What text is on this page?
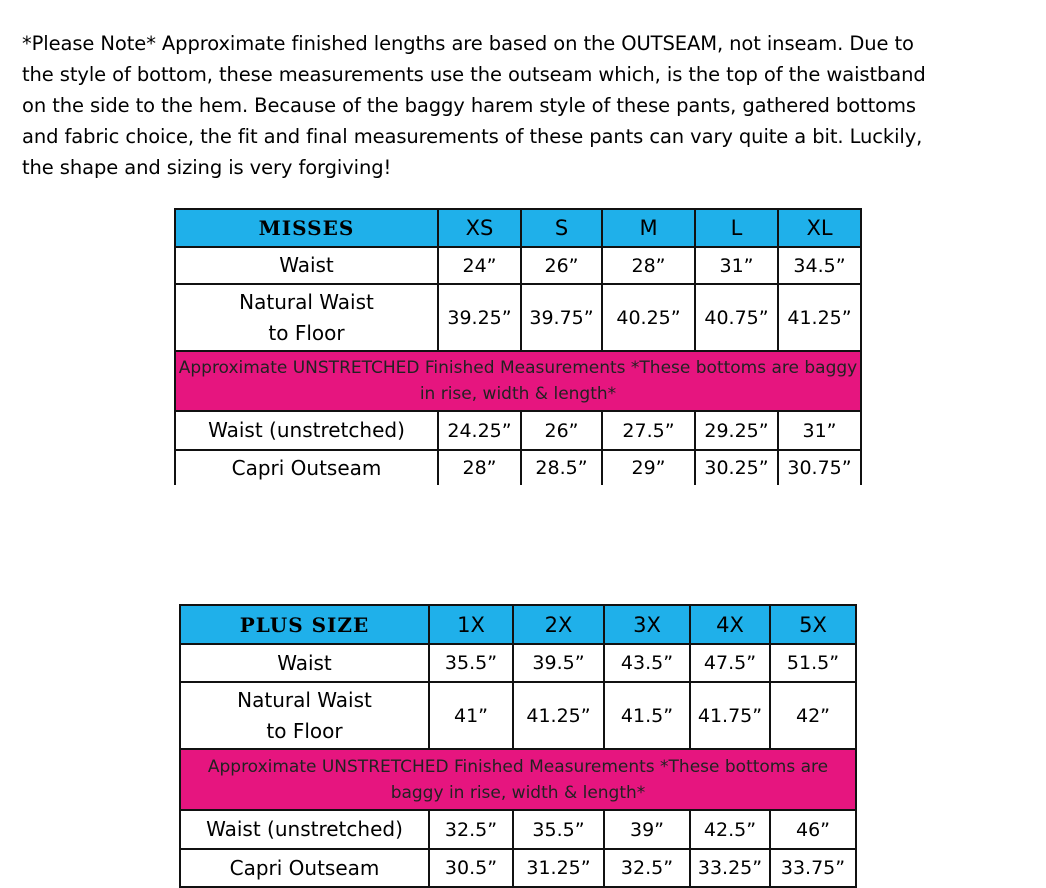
*Please Note* Approximate finished lengths are based on the OUTSEAM, not inseam. Due to

the style of bottom, these measurements use the outseam which, is the top of the waistband

on the side to the hem. Because of the baggy harem style of these pants, gathered bottoms

and fabric choice, the fit and final measurements of these pants can vary quite a bit. Luckily,

the shape and sizing is very forgiving!

MISSES	XS	S	M	L	XL
Waist	24”	26”	28”	31”	34.5”
Natural Waist
to Floor	39.25”	39.75”	40.25”	40.75”	41.25”
Approximate UNSTRETCHED Finished Measurements *These bottoms are baggy in rise, width & length*					
Waist (unstretched)	24.25”	26”	27.5”	29.25”	31”
Capri Outseam	28”	28.5”	29”	30.25”	30.75”
PLUS SIZE	1X	2X	3X	4X	5X
Waist	35.5”	39.5”	43.5”	47.5”	51.5”
Natural Waist
to Floor	41”	41.25”	41.5”	41.75”	42”
Approximate UNSTRETCHED Finished Measurements *These bottoms are baggy in rise, width & length*					
Waist (unstretched)	32.5”	35.5”	39”	42.5”	46”
Capri Outseam	30.5”	31.25”	32.5”	33.25”	33.75”
